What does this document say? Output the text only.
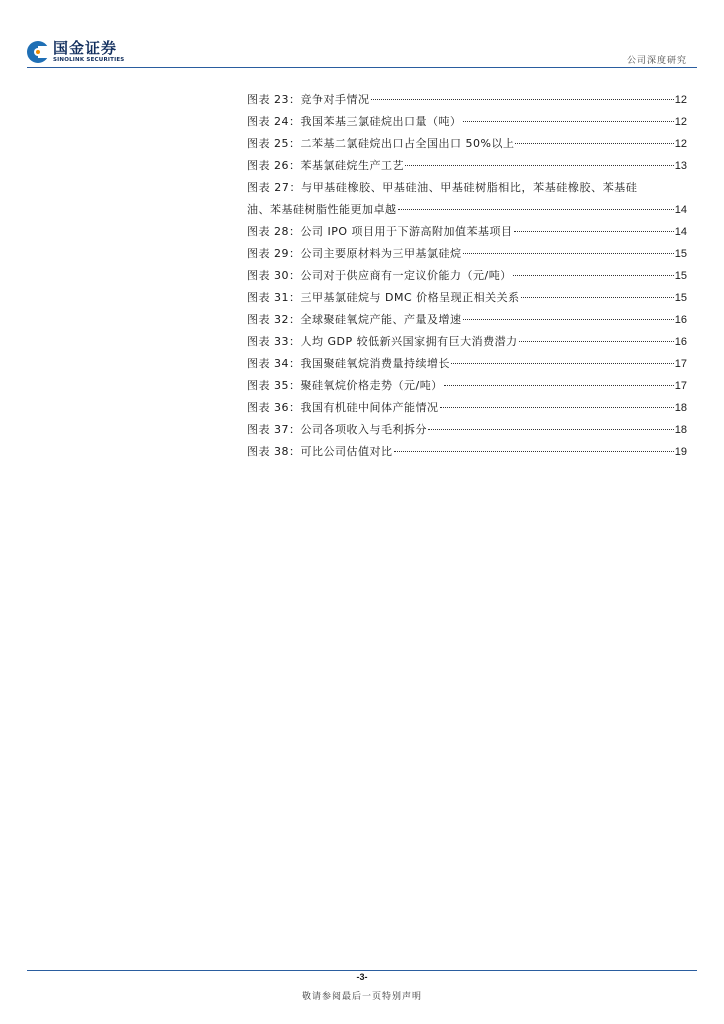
国金证券
SINOLINK SECURITIES	公司深度研究
图表 23：竞争对手情况	12
图表 24：我国苯基三氯硅烷出口量（吨）	12
图表 25：二苯基二氯硅烷出口占全国出口 50%以上	12
图表 26：苯基氯硅烷生产工艺	13
图表 27：与甲基硅橡胶、甲基硅油、甲基硅树脂相比，苯基硅橡胶、苯基硅
油、苯基硅树脂性能更加卓越	14
图表 28：公司 IPO 项目用于下游高附加值苯基项目	14
图表 29：公司主要原材料为三甲基氯硅烷	15
图表 30：公司对于供应商有一定议价能力（元/吨）	15
图表 31：三甲基氯硅烷与 DMC 价格呈现正相关关系	15
图表 32：全球聚硅氧烷产能、产量及增速	16
图表 33：人均 GDP 较低新兴国家拥有巨大消费潜力	16
图表 34：我国聚硅氧烷消费量持续增长	17
图表 35：聚硅氧烷价格走势（元/吨）	17
图表 36：我国有机硅中间体产能情况	18
图表 37：公司各项收入与毛利拆分	18
图表 38：可比公司估值对比	19
-3-
敬请参阅最后一页特别声明
